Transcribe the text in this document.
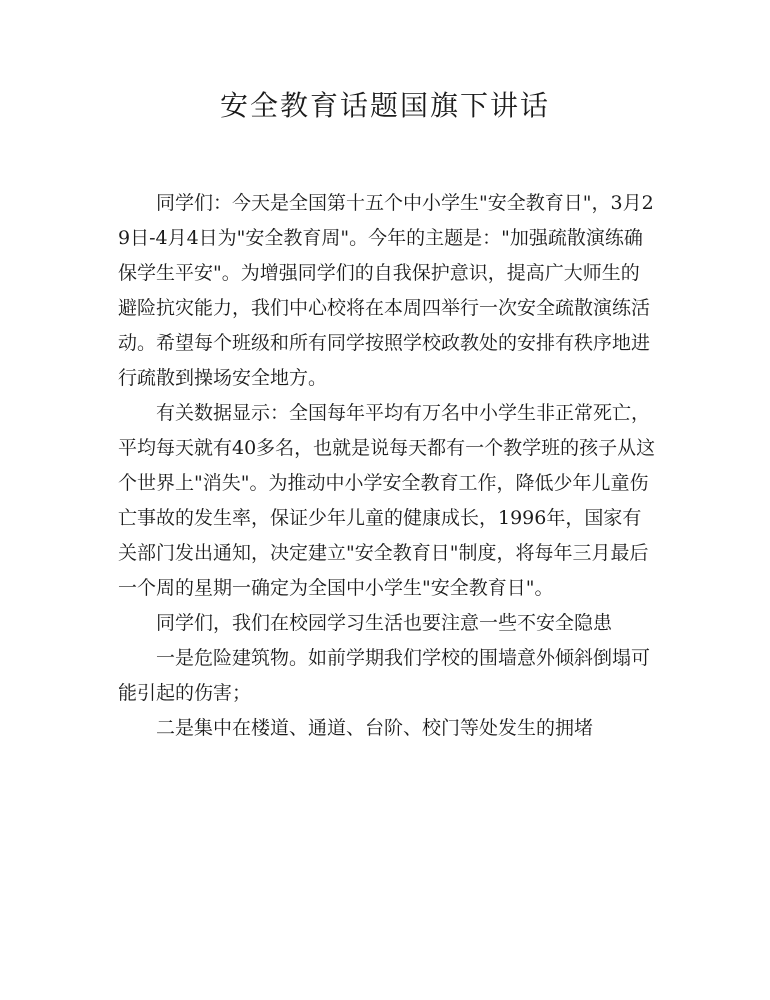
安全教育话题国旗下讲话

同学们：今天是全国第十五个中小学生"安全教育日"，3月29日-4月4日为"安全教育周"。今年的主题是："加强疏散演练确保学生平安"。为增强同学们的自我保护意识，提高广大师生的避险抗灾能力，我们中心校将在本周四举行一次安全疏散演练活动。希望每个班级和所有同学按照学校政教处的安排有秩序地进行疏散到操场安全地方。

有关数据显示：全国每年平均有万名中小学生非正常死亡，平均每天就有40多名，也就是说每天都有一个教学班的孩子从这个世界上"消失"。为推动中小学安全教育工作，降低少年儿童伤亡事故的发生率，保证少年儿童的健康成长，1996年，国家有关部门发出通知，决定建立"安全教育日"制度，将每年三月最后一个周的星期一确定为全国中小学生"安全教育日"。

同学们，我们在校园学习生活也要注意一些不安全隐患

一是危险建筑物。如前学期我们学校的围墙意外倾斜倒塌可能引起的伤害；

二是集中在楼道、通道、台阶、校门等处发生的拥堵
